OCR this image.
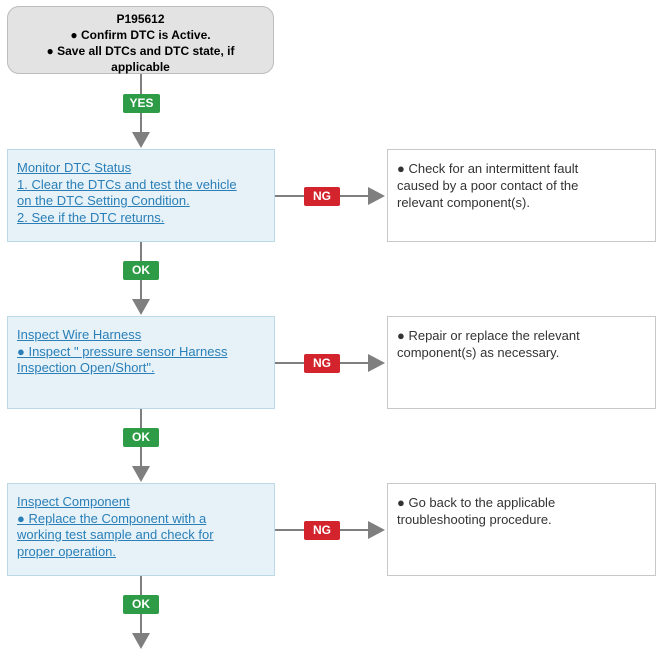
P195612
● Confirm DTC is Active.
● Save all DTCs and DTC state, if
applicable
YES
Monitor DTC Status
1. Clear the DTCs and test the vehicle
on the DTC Setting Condition.
2. See if the DTC returns.
NG
● Check for an intermittent fault
caused by a poor contact of the
relevant component(s).
OK
Inspect Wire Harness
● Inspect " pressure sensor Harness
Inspection Open/Short".	NG
● Repair or replace the relevant
component(s) as necessary.
OK
Inspect Component
● Replace the Component with a
working test sample and check for
proper operation.
NG
● Go back to the applicable
troubleshooting procedure.
OK
